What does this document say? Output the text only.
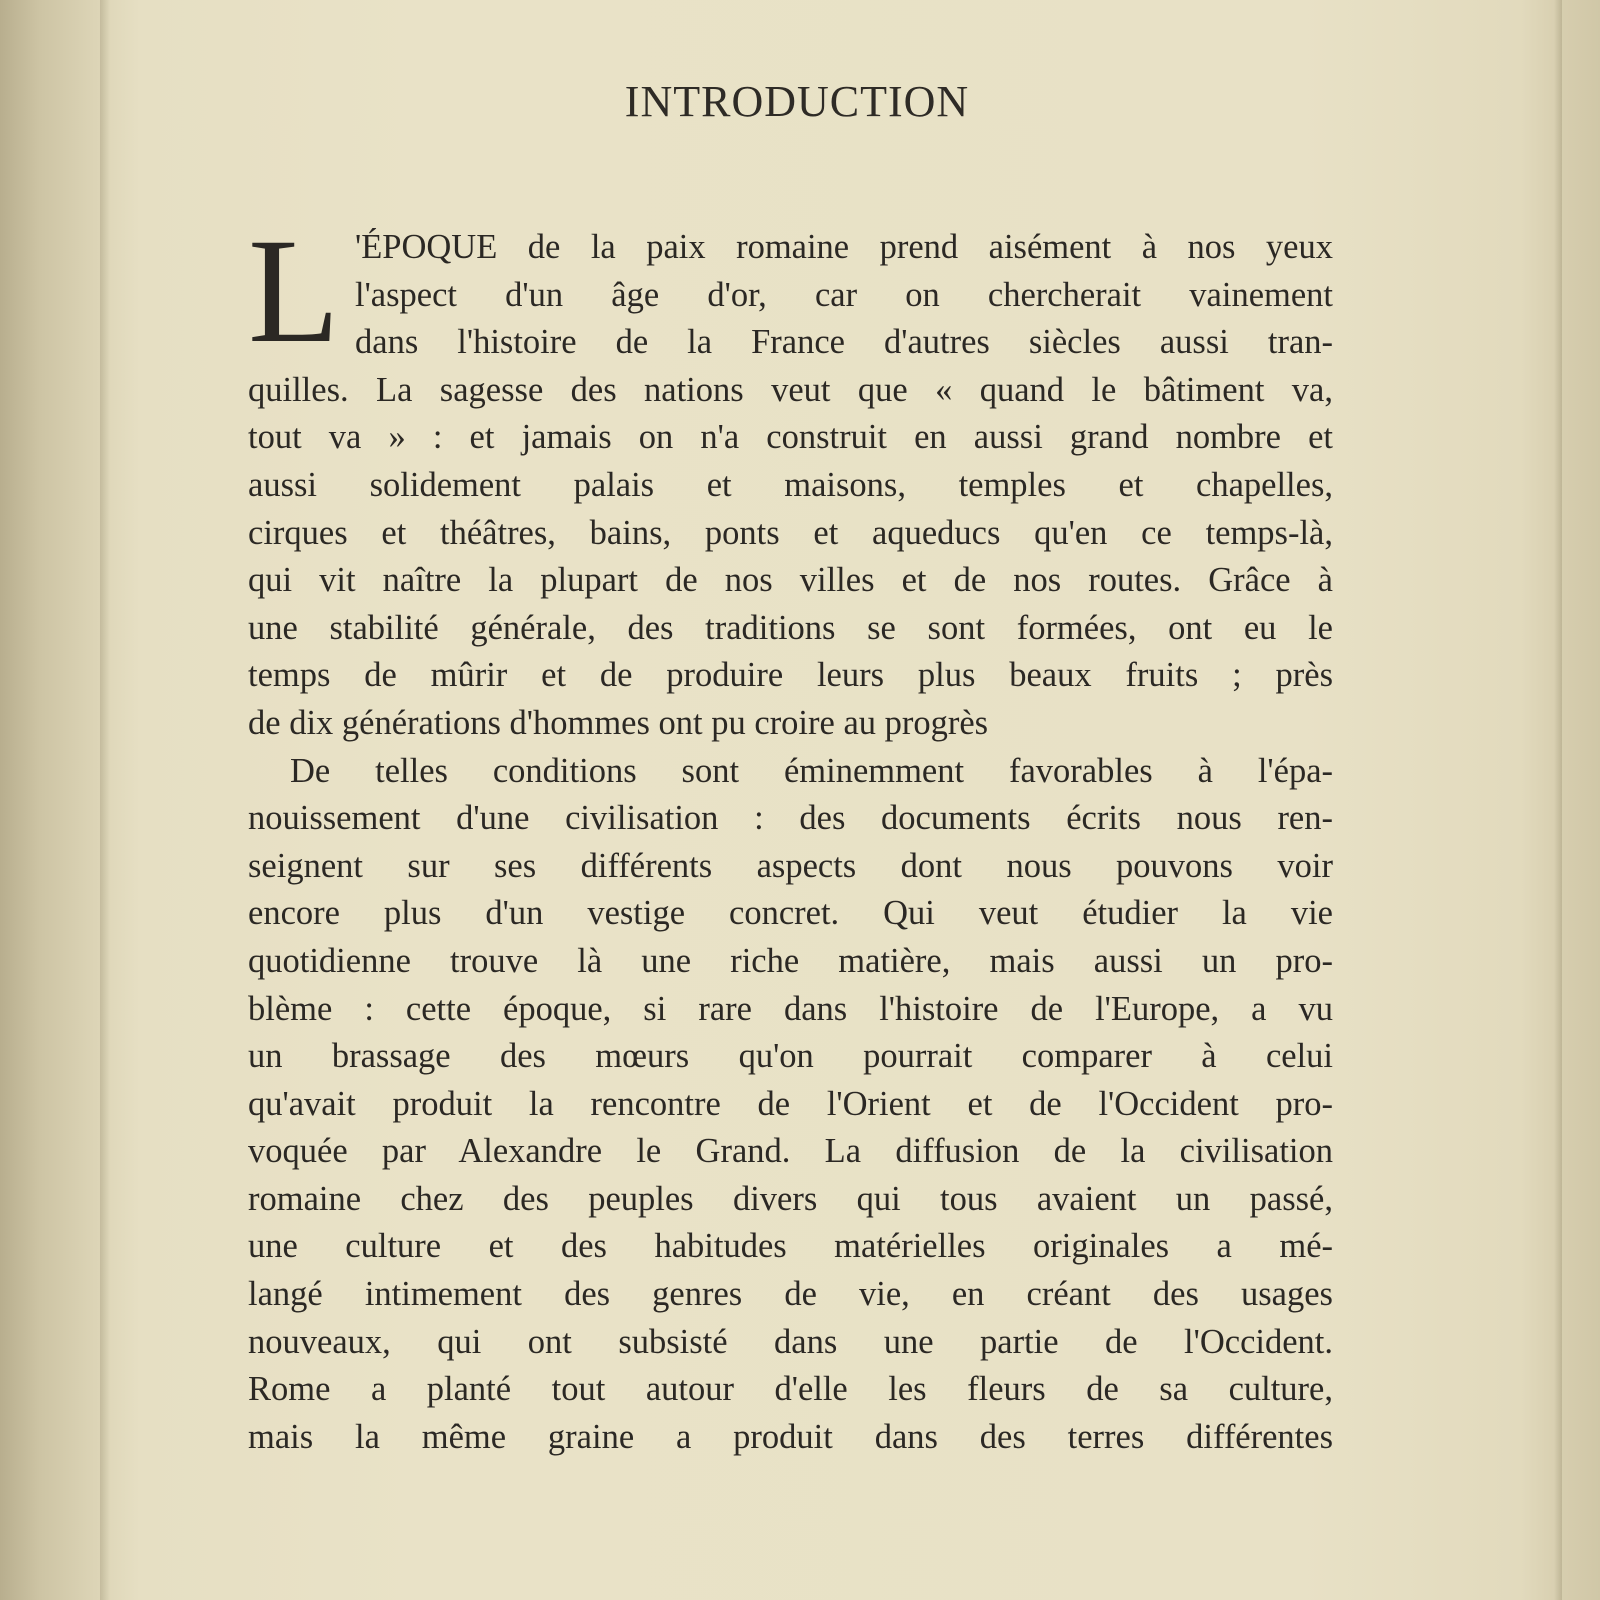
INTRODUCTION
L 'ÉPOQUE de la paix romaine prend aisément à nos yeux
l'aspect d'un âge d'or, car on chercherait vainement
dans l'histoire de la France d'autres siècles aussi tran-
quilles. La sagesse des nations veut que « quand le bâtiment va,
tout va » : et jamais on n'a construit en aussi grand nombre et
aussi solidement palais et maisons, temples et chapelles,
cirques et théâtres, bains, ponts et aqueducs qu'en ce temps-là,
qui vit naître la plupart de nos villes et de nos routes. Grâce à
une stabilité générale, des traditions se sont formées, ont eu le
temps de mûrir et de produire leurs plus beaux fruits ; près
de dix générations d'hommes ont pu croire au progrès
De telles conditions sont éminemment favorables à l'épa-
nouissement d'une civilisation : des documents écrits nous ren-
seignent sur ses différents aspects dont nous pouvons voir
encore plus d'un vestige concret. Qui veut étudier la vie
quotidienne trouve là une riche matière, mais aussi un pro-
blème : cette époque, si rare dans l'histoire de l'Europe, a vu
un brassage des mœurs qu'on pourrait comparer à celui
qu'avait produit la rencontre de l'Orient et de l'Occident pro-
voquée par Alexandre le Grand. La diffusion de la civilisation
romaine chez des peuples divers qui tous avaient un passé,
une culture et des habitudes matérielles originales a mé-
langé intimement des genres de vie, en créant des usages
nouveaux, qui ont subsisté dans une partie de l'Occident.
Rome a planté tout autour d'elle les fleurs de sa culture,
mais la même graine a produit dans des terres différentes
